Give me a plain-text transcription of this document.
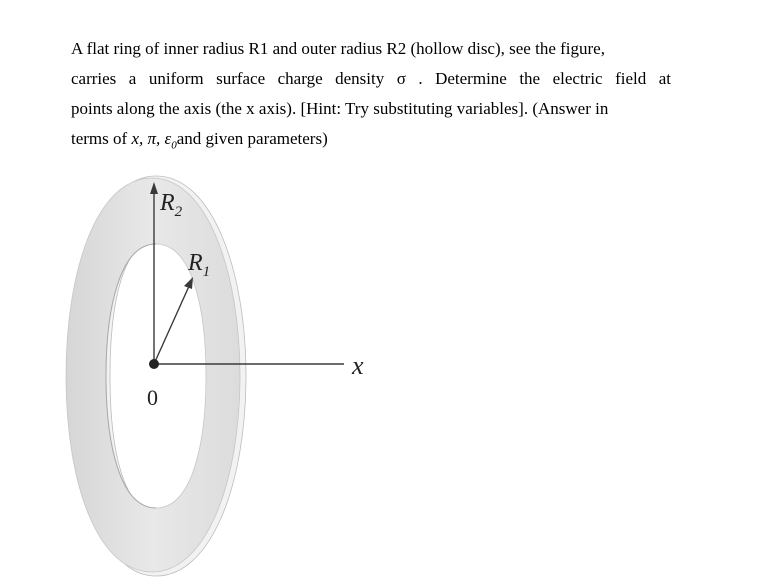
A flat ring of inner radius R1 and outer radius R2 (hollow disc), see the figure,
carries a uniform surface charge density σ . Determine the electric field at
points along the axis (the x axis). [Hint: Try substituting variables]. (Answer in
terms of x, π, $\varepsilon_0and$ given parameters)
$R_2$
$R_1$
x
0
